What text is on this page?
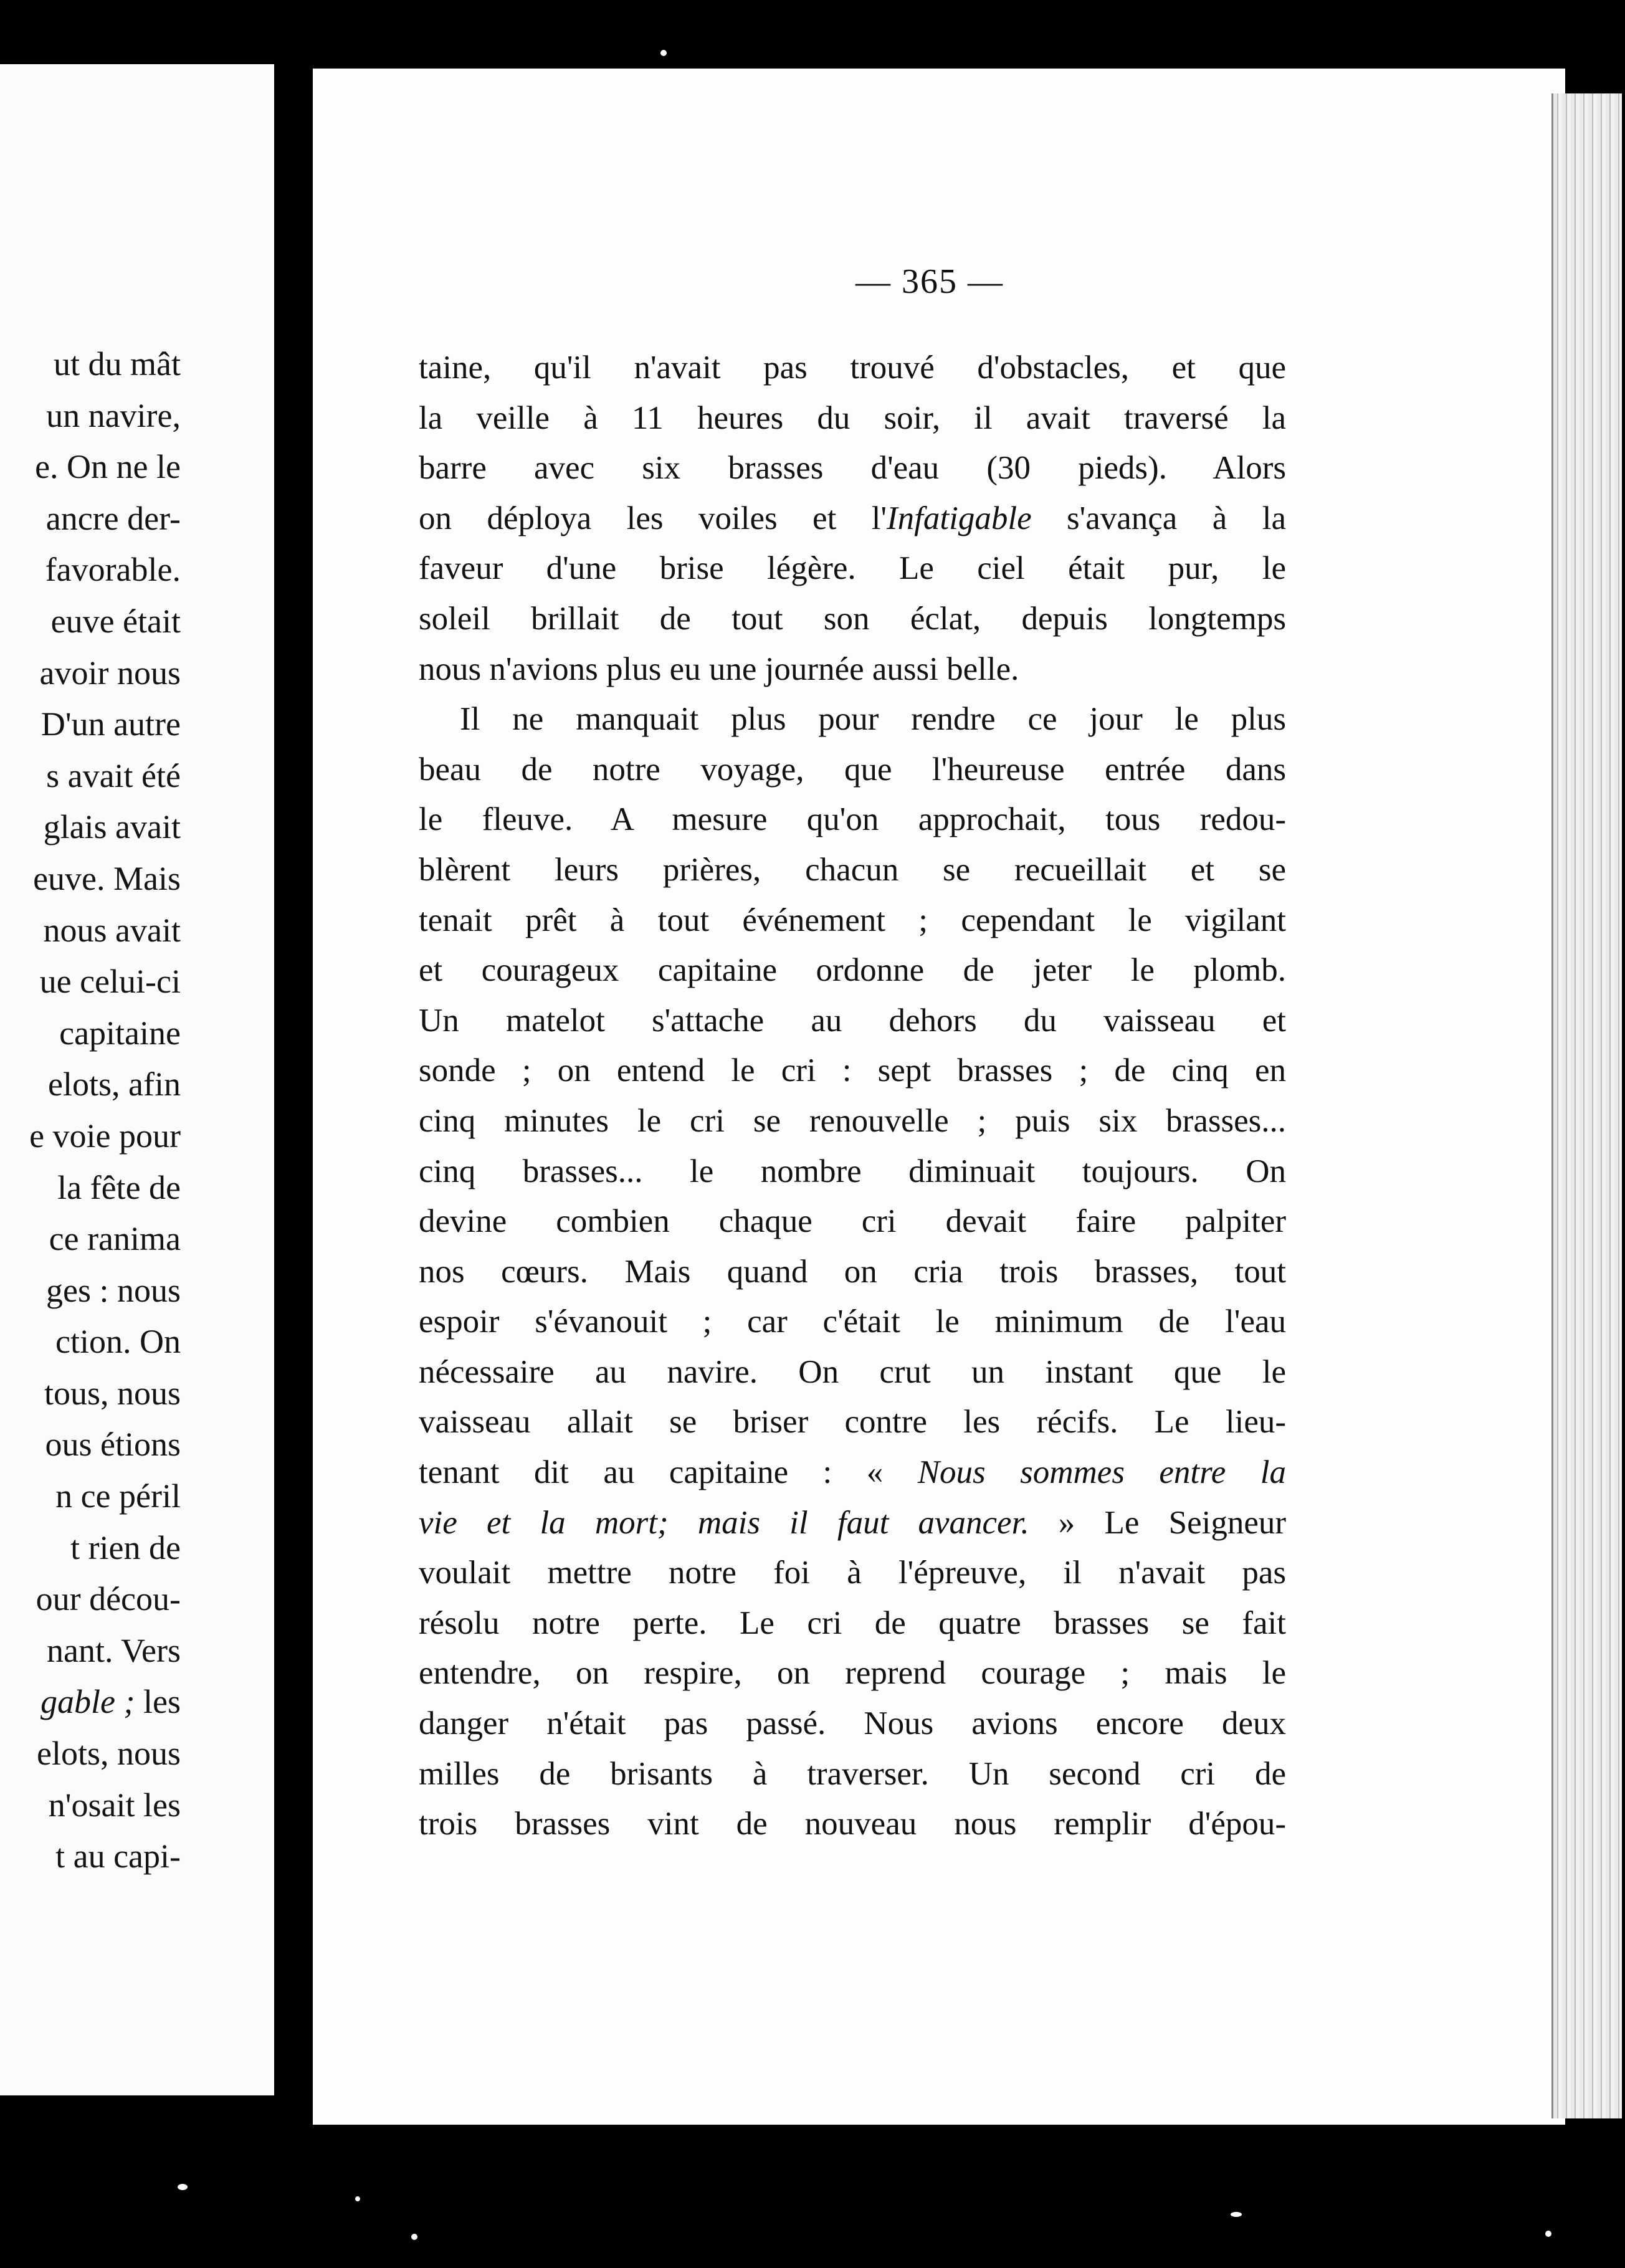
ut du mât
un navire,
e. On ne le
ancre der-
favorable.
euve était
avoir nous
D'un autre
s avait été
glais avait
euve. Mais
nous avait
ue celui-ci
capitaine
elots, afin
e voie pour
la fête de
ce ranima
ges : nous
ction. On
tous, nous
ous étions
n ce péril
t rien de
our décou-
nant. Vers
gable ; les
elots, nous
n'osait les
t au capi-
— 365 —
taine, qu'il n'avait pas trouvé d'obstacles, et que
la veille à 11 heures du soir, il avait traversé la
barre avec six brasses d'eau (30 pieds). Alors
on déploya les voiles et l'Infatigable s'avança à la
faveur d'une brise légère. Le ciel était pur, le
soleil brillait de tout son éclat, depuis longtemps
nous n'avions plus eu une journée aussi belle.
Il ne manquait plus pour rendre ce jour le plus
beau de notre voyage, que l'heureuse entrée dans
le fleuve. A mesure qu'on approchait, tous redou-
blèrent leurs prières, chacun se recueillait et se
tenait prêt à tout événement ; cependant le vigilant
et courageux capitaine ordonne de jeter le plomb.
Un matelot s'attache au dehors du vaisseau et
sonde ; on entend le cri : sept brasses ; de cinq en
cinq minutes le cri se renouvelle ; puis six brasses...
cinq brasses... le nombre diminuait toujours. On
devine combien chaque cri devait faire palpiter
nos cœurs. Mais quand on cria trois brasses, tout
espoir s'évanouit ; car c'était le minimum de l'eau
nécessaire au navire. On crut un instant que le
vaisseau allait se briser contre les récifs. Le lieu-
tenant dit au capitaine : « Nous sommes entre la
vie et la mort; mais il faut avancer. » Le Seigneur
voulait mettre notre foi à l'épreuve, il n'avait pas
résolu notre perte. Le cri de quatre brasses se fait
entendre, on respire, on reprend courage ; mais le
danger n'était pas passé. Nous avions encore deux
milles de brisants à traverser. Un second cri de
trois brasses vint de nouveau nous remplir d'épou-
